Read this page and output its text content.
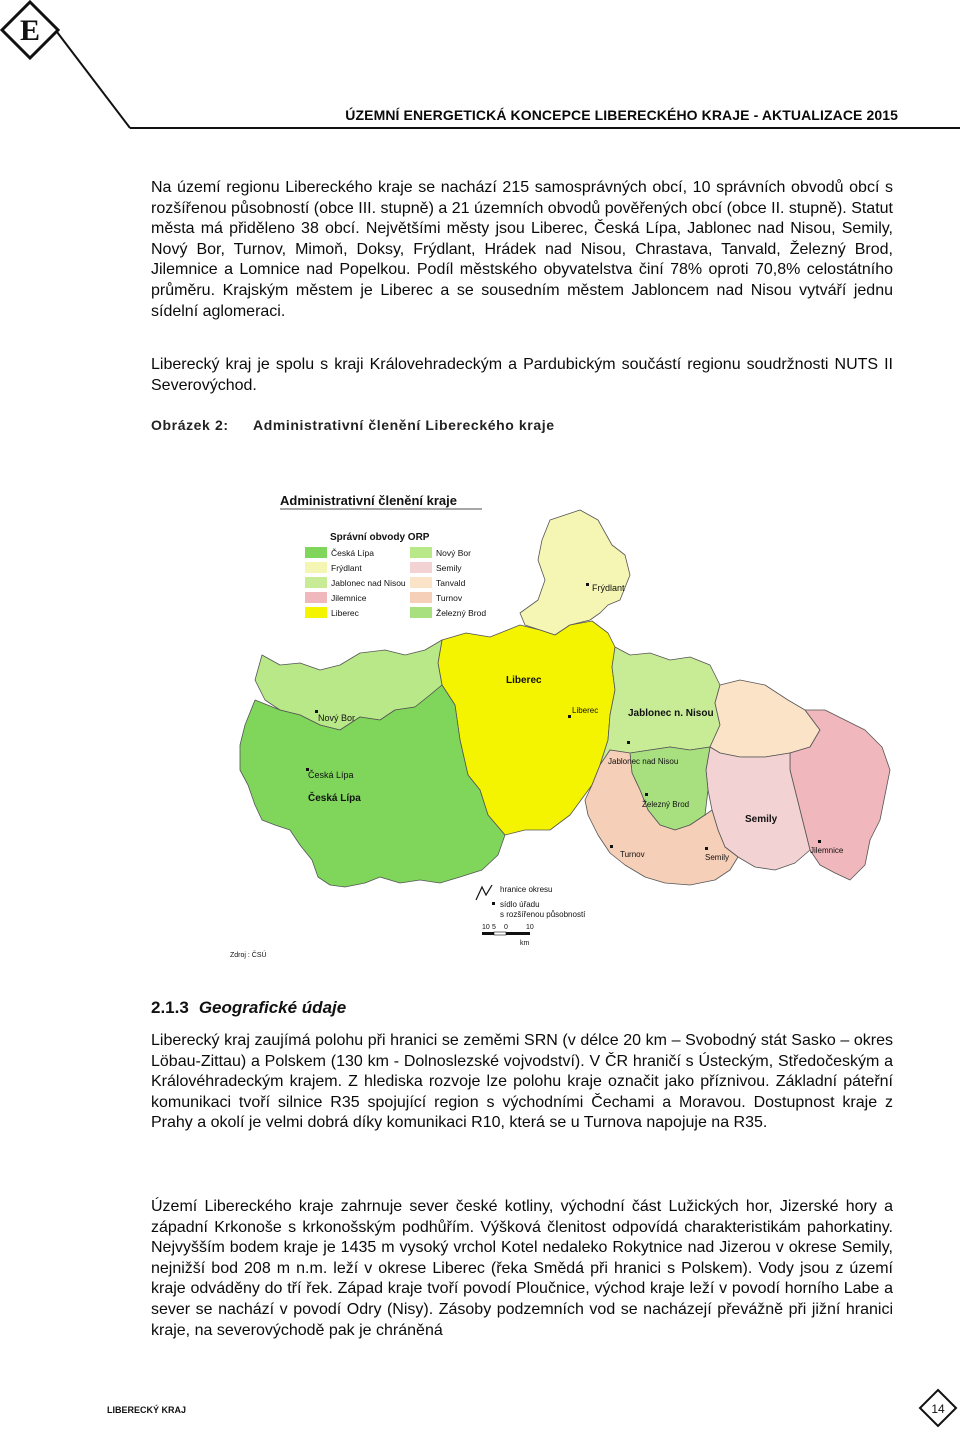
E
ÚZEMNÍ ENERGETICKÁ KONCEPCE LIBERECKÉHO KRAJE - AKTUALIZACE 2015
Na území regionu Libereckého kraje se nachází 215 samosprávných obcí, 10 správních obvodů obcí s rozšířenou působností (obce III. stupně) a 21 územních obvodů pověřených obcí (obce II. stupně). Statut města má přiděleno 38 obcí. Největšími městy jsou Liberec, Česká Lípa, Jablonec nad Nisou, Semily, Nový Bor, Turnov, Mimoň, Doksy, Frýdlant, Hrádek nad Nisou, Chrastava, Tanvald, Železný Brod, Jilemnice a Lomnice nad Popelkou. Podíl městského obyvatelstva činí 78% oproti 70,8% celostátního průměru. Krajským městem je Liberec a se sousedním městem Jabloncem nad Nisou vytváří jednu sídelní aglomeraci.
Liberecký kraj je spolu s kraji Královehradeckým a Pardubickým součástí regionu soudržnosti NUTS II Severovýchod.
Obrázek 2: Administrativní členění Libereckého kraje
Administrativní členění kraje
Správní obvody ORP
Česká Lípa
Frýdlant
Jablonec nad Nisou
Jilemnice
Liberec
Nový Bor
Semily
Tanvald
Turnov
Železný Brod
Frýdlant
Liberec
Liberec	Jablonec n. Nisou
Jablonec nad Nisou
Nový Bor
Česká Lípa
Česká Lípa
Železný Brod
Semily
Semily
Turnov	Jilemnice
hranice okresu
sídlo úřadu
s rozšířenou působností
10 5 0	10
km
Zdroj : ČSÚ
2.1.3 Geografické údaje
Liberecký kraj zaujímá polohu při hranici se zeměmi SRN (v délce 20 km – Svobodný stát Sasko – okres Löbau-Zittau) a Polskem (130 km - Dolnoslezské vojvodství). V ČR hraničí s Ústeckým, Středočeským a Královéhradeckým krajem. Z hlediska rozvoje lze polohu kraje označit jako příznivou. Základní páteřní komunikaci tvoří silnice R35 spojující region s východními Čechami a Moravou. Dostupnost kraje z Prahy a okolí je velmi dobrá díky komunikaci R10, která se u Turnova napojuje na R35.
Území Libereckého kraje zahrnuje sever české kotliny, východní část Lužických hor, Jizerské hory a západní Krkonoše s krkonošským podhůřím. Výšková členitost odpovídá charakteristikám pahorkatiny. Nejvyšším bodem kraje je 1435 m vysoký vrchol Kotel nedaleko Rokytnice nad Jizerou v okrese Semily, nejnižší bod 208 m n.m. leží v okrese Liberec (řeka Smědá při hranici s Polskem). Vody jsou z území kraje odváděny do tří řek. Západ kraje tvoří povodí Ploučnice, východ kraje leží v povodí horního Labe a sever se nachází v povodí Odry (Nisy). Zásoby podzemních vod se nacházejí převážně při jižní hranici kraje, na severovýchodě pak je chráněná
LIBERECKÝ KRAJ	14
